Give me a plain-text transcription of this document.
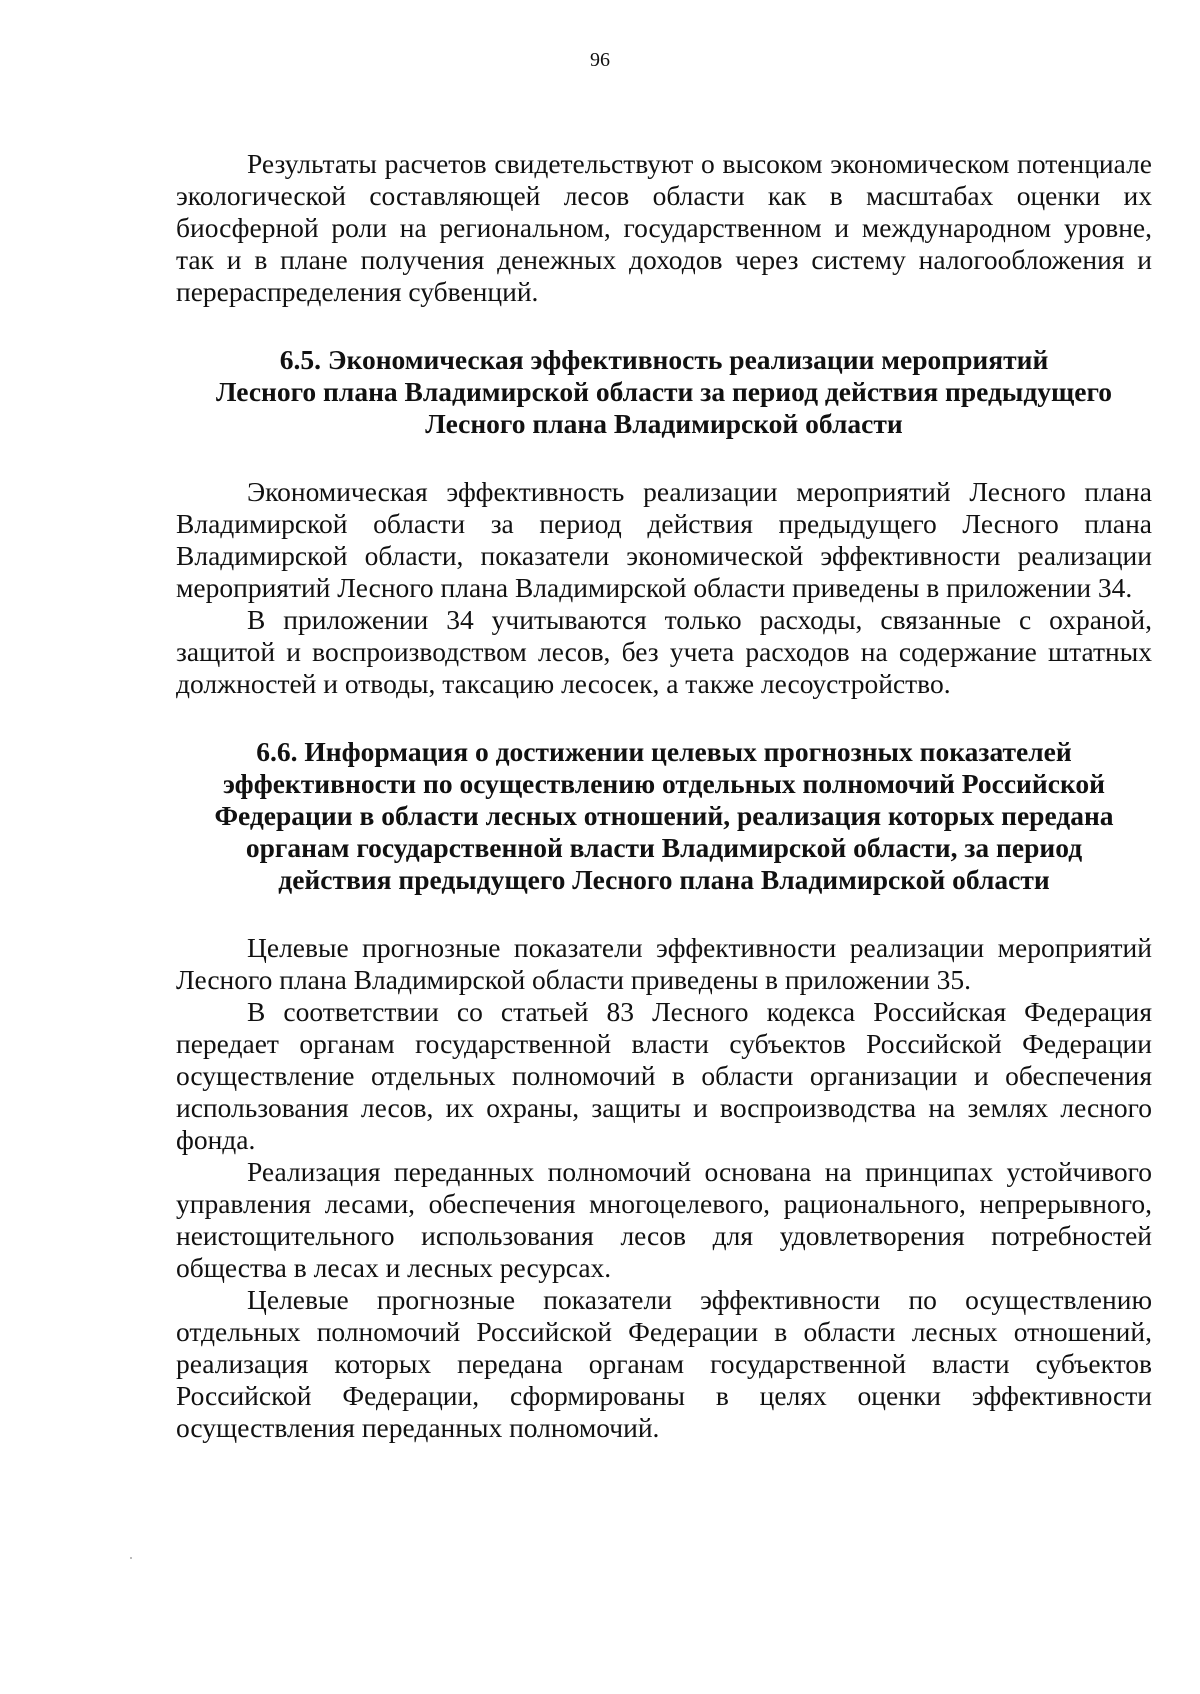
96

Результаты расчетов свидетельствуют о высоком экономическом потенциале экологической составляющей лесов области как в масштабах оценки их биосферной роли на региональном, государственном и международном уровне, так и в плане получения денежных доходов через систему налогообложения и перераспределения субвенций.

6.5. Экономическая эффективность реализации мероприятий
Лесного плана Владимирской области за период действия предыдущего
Лесного плана Владимирской области

Экономическая эффективность реализации мероприятий Лесного плана Владимирской области за период действия предыдущего Лесного плана Владимирской области, показатели экономической эффективности реализации мероприятий Лесного плана Владимирской области приведены в приложении 34.

В приложении 34 учитываются только расходы, связанные с охраной, защитой и воспроизводством лесов, без учета расходов на содержание штатных должностей и отводы, таксацию лесосек, а также лесоустройство.

6.6. Информация о достижении целевых прогнозных показателей
эффективности по осуществлению отдельных полномочий Российской
Федерации в области лесных отношений, реализация которых передана
органам государственной власти Владимирской области, за период
действия предыдущего Лесного плана Владимирской области

Целевые прогнозные показатели эффективности реализации мероприятий Лесного плана Владимирской области приведены в приложении 35.

В соответствии со статьей 83 Лесного кодекса Российская Федерация передает органам государственной власти субъектов Российской Федерации осуществление отдельных полномочий в области организации и обеспечения использования лесов, их охраны, защиты и воспроизводства на землях лесного фонда.

Реализация переданных полномочий основана на принципах устойчивого управления лесами, обеспечения многоцелевого, рационального, непрерывного, неистощительного использования лесов для удовлетворения потребностей общества в лесах и лесных ресурсах.

Целевые прогнозные показатели эффективности по осуществлению отдельных полномочий Российской Федерации в области лесных отношений, реализация которых передана органам государственной власти субъектов Российской Федерации, сформированы в целях оценки эффективности осуществления переданных полномочий.
